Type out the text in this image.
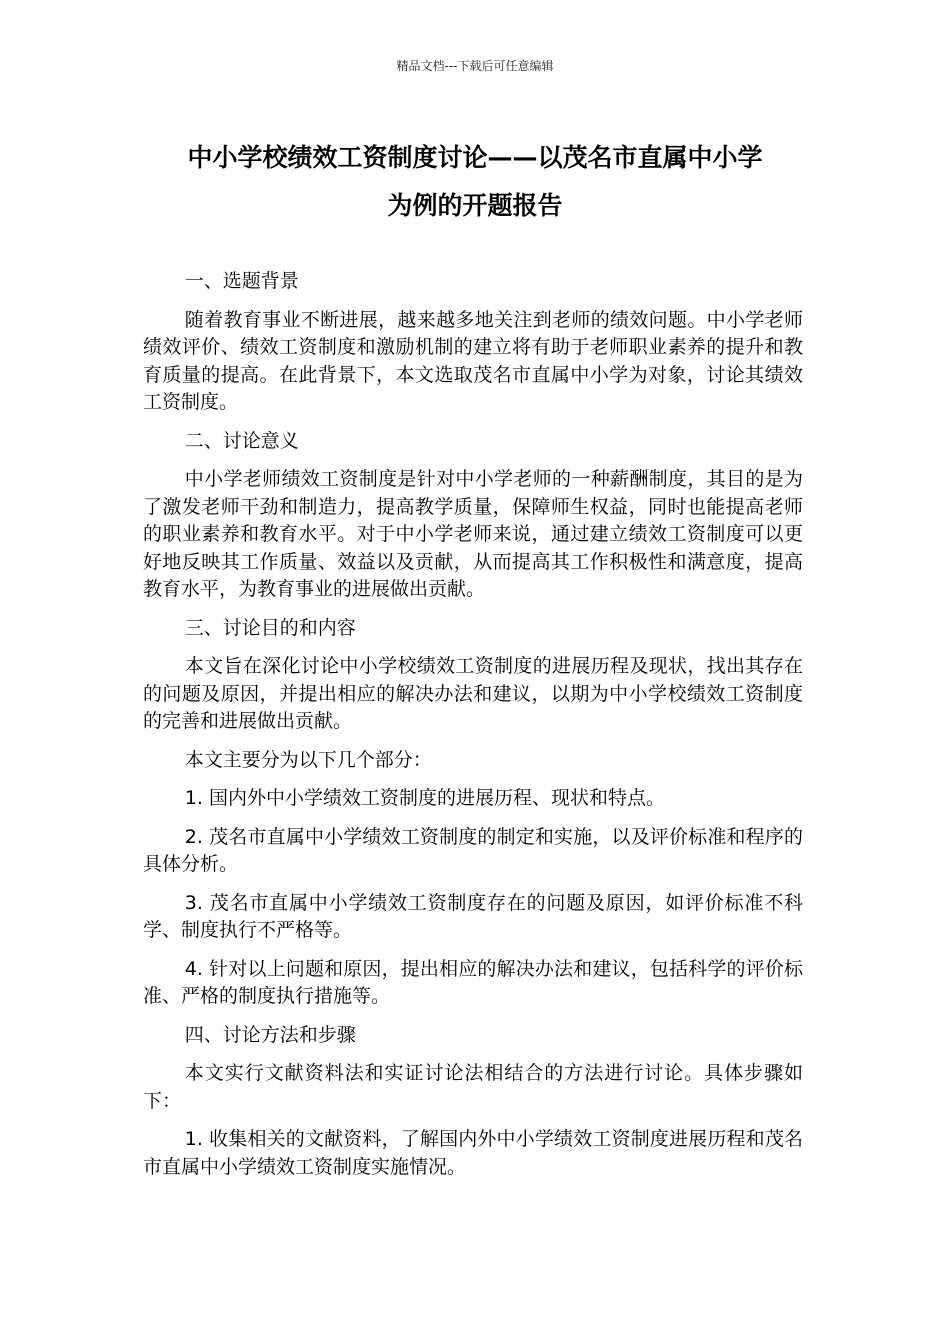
精品文档---下载后可任意编辑
中小学校绩效工资制度讨论——以茂名市直属中小学
为例的开题报告

一、选题背景

随着教育事业不断进展，越来越多地关注到老师的绩效问题。中小学老师绩效评价、绩效工资制度和激励机制的建立将有助于老师职业素养的提升和教育质量的提高。在此背景下，本文选取茂名市直属中小学为对象，讨论其绩效工资制度。

二、讨论意义

中小学老师绩效工资制度是针对中小学老师的一种薪酬制度，其目的是为了激发老师干劲和制造力，提高教学质量，保障师生权益，同时也能提高老师的职业素养和教育水平。对于中小学老师来说，通过建立绩效工资制度可以更好地反映其工作质量、效益以及贡献，从而提高其工作积极性和满意度，提高教育水平，为教育事业的进展做出贡献。

三、讨论目的和内容

本文旨在深化讨论中小学校绩效工资制度的进展历程及现状，找出其存在的问题及原因，并提出相应的解决办法和建议，以期为中小学校绩效工资制度的完善和进展做出贡献。

本文主要分为以下几个部分：

1. 国内外中小学绩效工资制度的进展历程、现状和特点。

2. 茂名市直属中小学绩效工资制度的制定和实施，以及评价标准和程序的具体分析。

3. 茂名市直属中小学绩效工资制度存在的问题及原因，如评价标准不科学、制度执行不严格等。

4. 针对以上问题和原因，提出相应的解决办法和建议，包括科学的评价标准、严格的制度执行措施等。

四、讨论方法和步骤

本文实行文献资料法和实证讨论法相结合的方法进行讨论。具体步骤如下：

1. 收集相关的文献资料，了解国内外中小学绩效工资制度进展历程和茂名市直属中小学绩效工资制度实施情况。
